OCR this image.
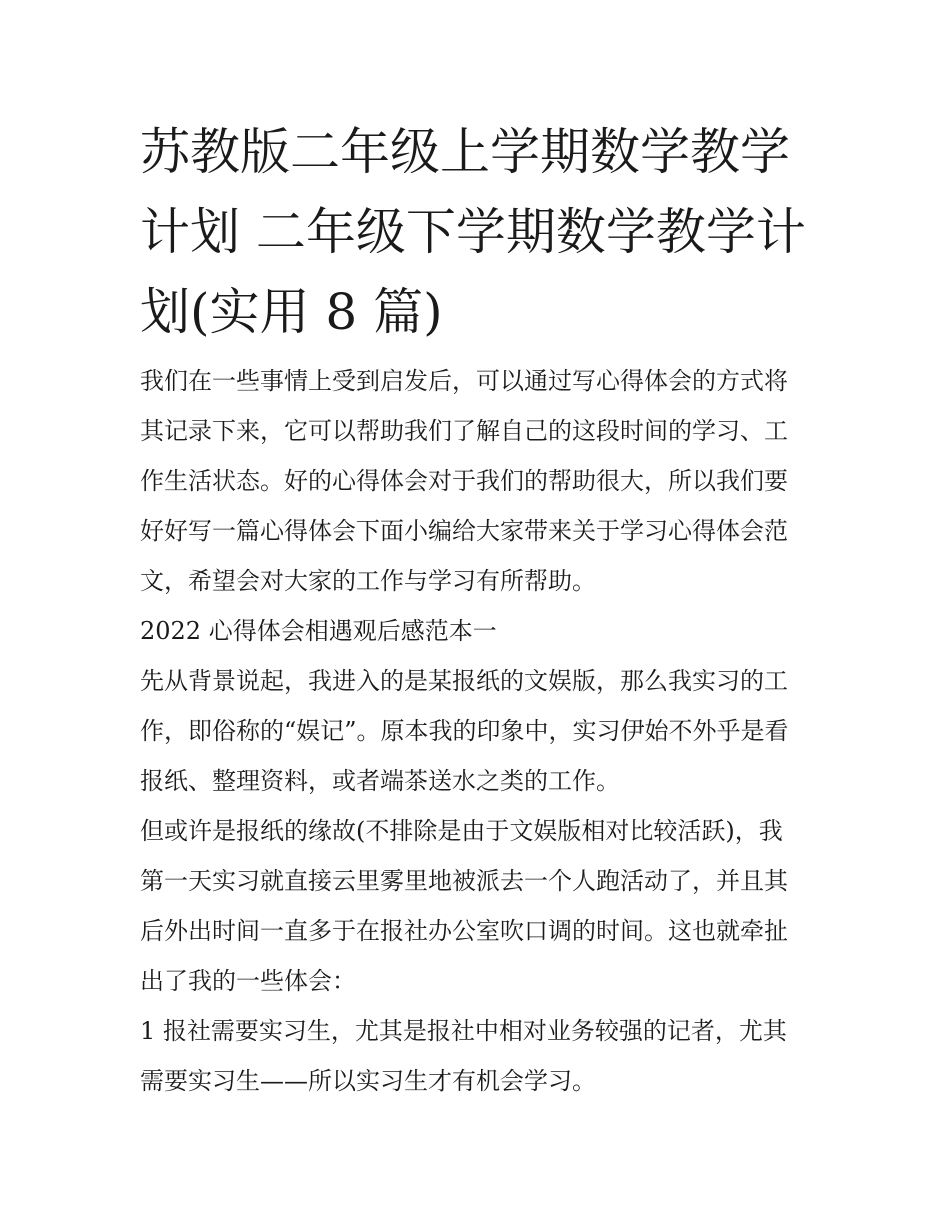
苏教版二年级上学期数学教学
计划 二年级下学期数学教学计
划(实用 8 篇)
我们在一些事情上受到启发后，可以通过写心得体会的方式将
其记录下来，它可以帮助我们了解自己的这段时间的学习、工
作生活状态。好的心得体会对于我们的帮助很大，所以我们要
好好写一篇心得体会下面小编给大家带来关于学习心得体会范
文，希望会对大家的工作与学习有所帮助。
2022 心得体会相遇观后感范本一
先从背景说起，我进入的是某报纸的文娱版，那么我实习的工
作，即俗称的“娱记”。原本我的印象中，实习伊始不外乎是看
报纸、整理资料，或者端茶送水之类的工作。
但或许是报纸的缘故(不排除是由于文娱版相对比较活跃)，我
第一天实习就直接云里雾里地被派去一个人跑活动了，并且其
后外出时间一直多于在报社办公室吹口调的时间。这也就牵扯
出了我的一些体会：
1 报社需要实习生，尤其是报社中相对业务较强的记者，尤其
需要实习生——所以实习生才有机会学习。
